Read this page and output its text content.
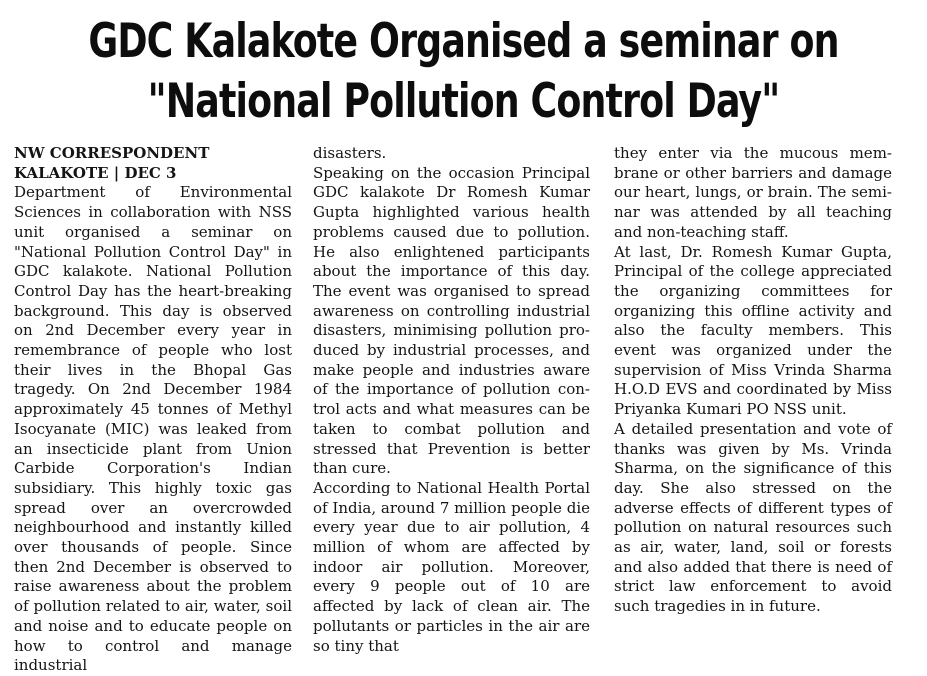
GDC Kalakote Organised a seminar on
"National Pollution Control Day"
NW CORRESPONDENT
KALAKOTE | DEC 3

Department of Environmental Sciences in collaboration with NSS unit organised a seminar on "National Pollution Control Day" in GDC kalakote. National Pollution Control Day has the heart-breaking background. This day is observed on 2nd December every year in remembrance of people who lost their lives in the Bhopal Gas tragedy. On 2nd December 1984 approximately 45 tonnes of Methyl Isocyanate (MIC) was leaked from an insecticide plant from Union Carbide Corporation's Indian subsidiary. This highly toxic gas spread over an overcrowded neighbourhood and instantly killed over thousands of people. Since then 2nd December is observed to raise awareness about the problem of pollution related to air, water, soil and noise and to educate people on how to control and manage industrial

disasters.

Speaking on the occasion Principal GDC kalakote Dr Romesh Kumar Gupta highlighted various health problems caused due to pollution. He also enlightened participants about the importance of this day. The event was organised to spread awareness on controlling industrial disasters, minimising pollution produced by industrial processes, and make people and industries aware of the importance of pollution control acts and what measures can be taken to combat pollution and stressed that Prevention is better than cure.

According to National Health Portal of India, around 7 million people die every year due to air pollution, 4 million of whom are affected by indoor air pollution. Moreover, every 9 people out of 10 are affected by lack of clean air. The pollutants or particles in the air are so tiny that

they enter via the mucous membrane or other barriers and damage our heart, lungs, or brain. The seminar was attended by all teaching and non-teaching staff.

At last, Dr. Romesh Kumar Gupta, Principal of the college appreciated the organizing committees for organizing this offline activity and also the faculty members. This event was organized under the supervision of Miss Vrinda Sharma H.O.D EVS and coordinated by Miss Priyanka Kumari PO NSS unit.

A detailed presentation and vote of thanks was given by Ms. Vrinda Sharma, on the significance of this day. She also stressed on the adverse effects of different types of pollution on natural resources such as air, water, land, soil or forests and also added that there is need of strict law enforcement to avoid such tragedies in in future.
